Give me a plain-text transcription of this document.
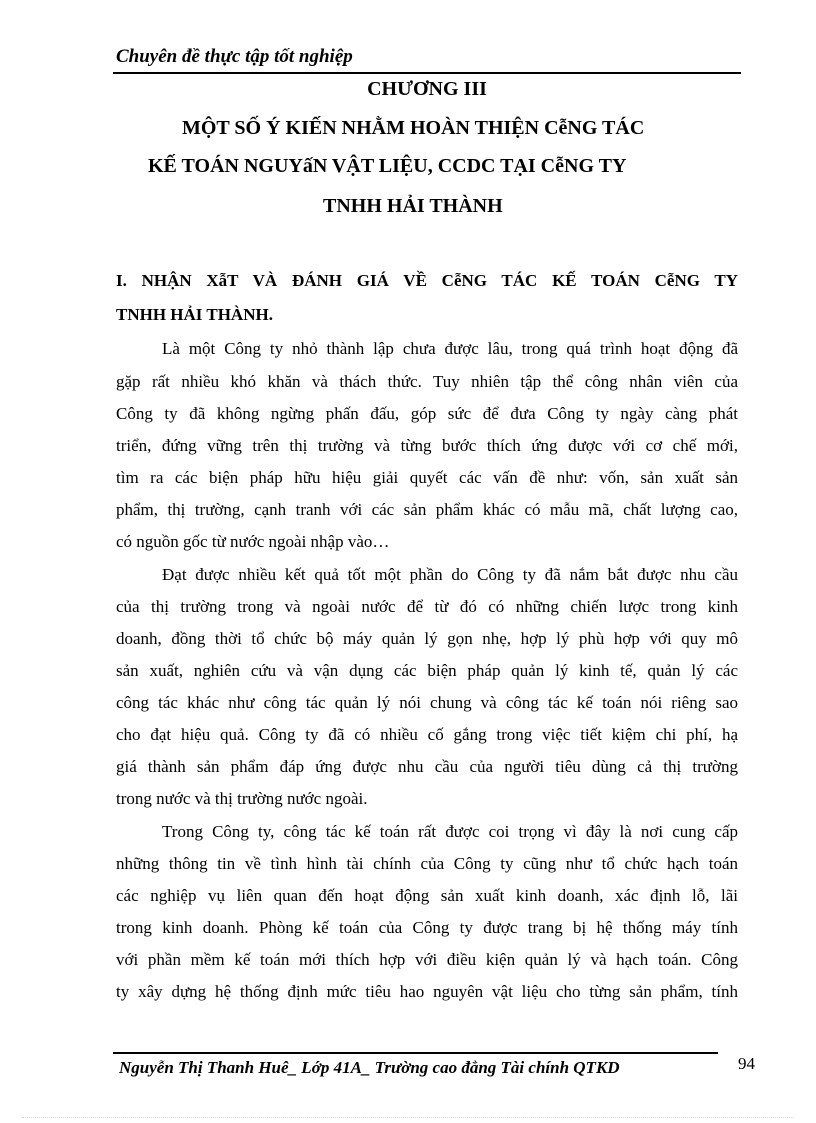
Chuyên đề thực tập tốt nghiệp
CHƯƠNG III
MỘT SỐ Ý KIẾN NHẰM HOÀN THIỆN CễNG TÁC
KẾ TOÁN NGUYấN VẬT LIỆU, CCDC TẠI CễNG TY
TNHH HẢI THÀNH
I. NHẬN XẫT VÀ ĐÁNH GIÁ VỀ CễNG TÁC KẾ TOÁN CễNG TY
TNHH HẢI THÀNH.
Là một Công ty nhỏ thành lập chưa được lâu, trong quá trình hoạt động đã
gặp rất nhiều khó khăn và thách thức. Tuy nhiên tập thể công nhân viên của
Công ty đã không ngừng phấn đấu, góp sức để đưa Công ty ngày càng phát
triển, đứng vững trên thị trường và từng bước thích ứng được với cơ chế mới,
tìm ra các biện pháp hữu hiệu giải quyết các vấn đề như: vốn, sản xuất sản
phẩm, thị trường, cạnh tranh với các sản phẩm khác có mẫu mã, chất lượng cao,
có nguồn gốc từ nước ngoài nhập vào…
Đạt được nhiều kết quả tốt một phần do Công ty đã nắm bắt được nhu cầu
của thị trường trong và ngoài nước để từ đó có những chiến lược trong kinh
doanh, đồng thời tổ chức bộ máy quản lý gọn nhẹ, hợp lý phù hợp với quy mô
sản xuất, nghiên cứu và vận dụng các biện pháp quản lý kinh tế, quản lý các
công tác khác như công tác quản lý nói chung và công tác kế toán nói riêng sao
cho đạt hiệu quả. Công ty đã có nhiều cố gắng trong việc tiết kiệm chi phí, hạ
giá thành sản phẩm đáp ứng được nhu cầu của người tiêu dùng cả thị trường
trong nước và thị trường nước ngoài.
Trong Công ty, công tác kế toán rất được coi trọng vì đây là nơi cung cấp
những thông tin về tình hình tài chính của Công ty cũng như tổ chức hạch toán
các nghiệp vụ liên quan đến hoạt động sản xuất kinh doanh, xác định lỗ, lãi
trong kinh doanh. Phòng kế toán của Công ty được trang bị hệ thống máy tính
với phần mềm kế toán mới thích hợp với điều kiện quản lý và hạch toán. Công
ty xây dựng hệ thống định mức tiêu hao nguyên vật liệu cho từng sản phẩm, tính
Nguyễn Thị Thanh Huê_ Lớp 41A_ Trường cao đẳng Tài chính QTKD	94
